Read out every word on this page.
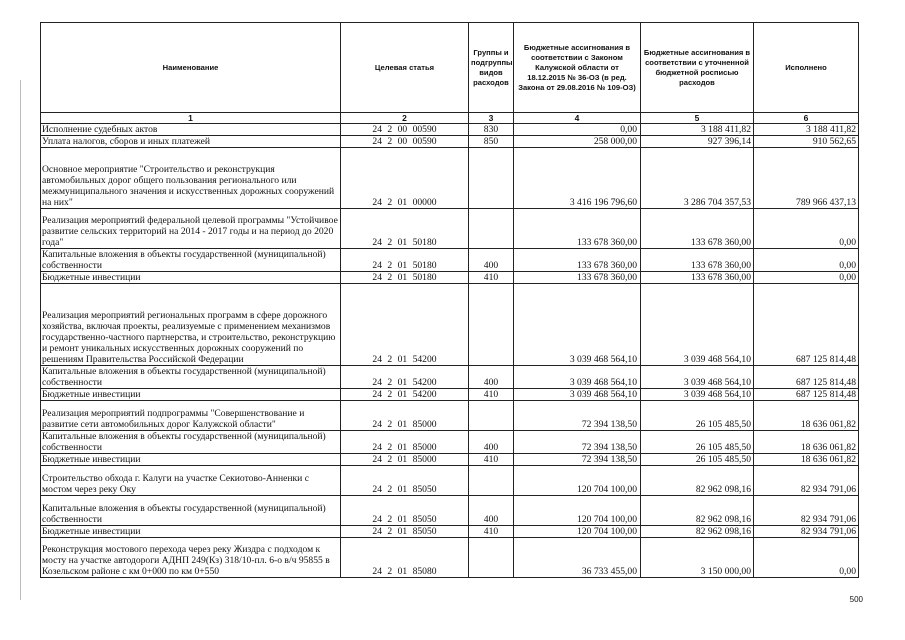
Наименование	Целевая статья	Группы и подгруппы видов расходов	Бюджетные ассигнования в соответствии с Законом Калужской области от 18.12.2015 № 36-ОЗ (в ред. Закона от 29.08.2016 № 109-ОЗ)	Бюджетные ассигнования в соответствии с уточненной бюджетной росписью расходов	Исполнено
1	2	3	4	5	6
Исполнение судебных актов	24 2 00 00590	830	0,00	3 188 411,82	3 188 411,82
Уплата налогов, сборов и иных платежей	24 2 00 00590	850	258 000,00	927 396,14	910 562,65
Основное мероприятие "Строительство и реконструкция автомобильных дорог общего пользования регионального или межмуниципального значения и искусственных дорожных сооружений на них"	24 2 01 00000		3 416 196 796,60	3 286 704 357,53	789 966 437,13
Реализация мероприятий федеральной целевой программы "Устойчивое развитие сельских территорий на 2014 - 2017 годы и на период до 2020 года"	24 2 01 50180		133 678 360,00	133 678 360,00	0,00
Капитальные вложения в объекты государственной (муниципальной) собственности	24 2 01 50180	400	133 678 360,00	133 678 360,00	0,00
Бюджетные инвестиции	24 2 01 50180	410	133 678 360,00	133 678 360,00	0,00
Реализация мероприятий региональных программ в сфере дорожного хозяйства, включая проекты, реализуемые с применением механизмов государственно-частного партнерства, и строительство, реконструкцию и ремонт уникальных искусственных дорожных сооружений по решениям Правительства Российской Федерации	24 2 01 54200		3 039 468 564,10	3 039 468 564,10	687 125 814,48
Капитальные вложения в объекты государственной (муниципальной) собственности	24 2 01 54200	400	3 039 468 564,10	3 039 468 564,10	687 125 814,48
Бюджетные инвестиции	24 2 01 54200	410	3 039 468 564,10	3 039 468 564,10	687 125 814,48
Реализация мероприятий подпрограммы "Совершенствование и развитие сети автомобильных дорог Калужской области"	24 2 01 85000		72 394 138,50	26 105 485,50	18 636 061,82
Капитальные вложения в объекты государственной (муниципальной) собственности	24 2 01 85000	400	72 394 138,50	26 105 485,50	18 636 061,82
Бюджетные инвестиции	24 2 01 85000	410	72 394 138,50	26 105 485,50	18 636 061,82
Строительство обхода г. Калуги на участке Секиотово-Анненки с мостом через реку Оку	24 2 01 85050		120 704 100,00	82 962 098,16	82 934 791,06
Капитальные вложения в объекты государственной (муниципальной) собственности	24 2 01 85050	400	120 704 100,00	82 962 098,16	82 934 791,06
Бюджетные инвестиции	24 2 01 85050	410	120 704 100,00	82 962 098,16	82 934 791,06
Реконструкция мостового перехода через реку Жиздра с подходом к мосту на участке автодороги АДНП 249(Кз) 318/10-пл. 6-о в/ч 95855 в Козельском районе с км 0+000 по км 0+550	24 2 01 85080		36 733 455,00	3 150 000,00	0,00
500
